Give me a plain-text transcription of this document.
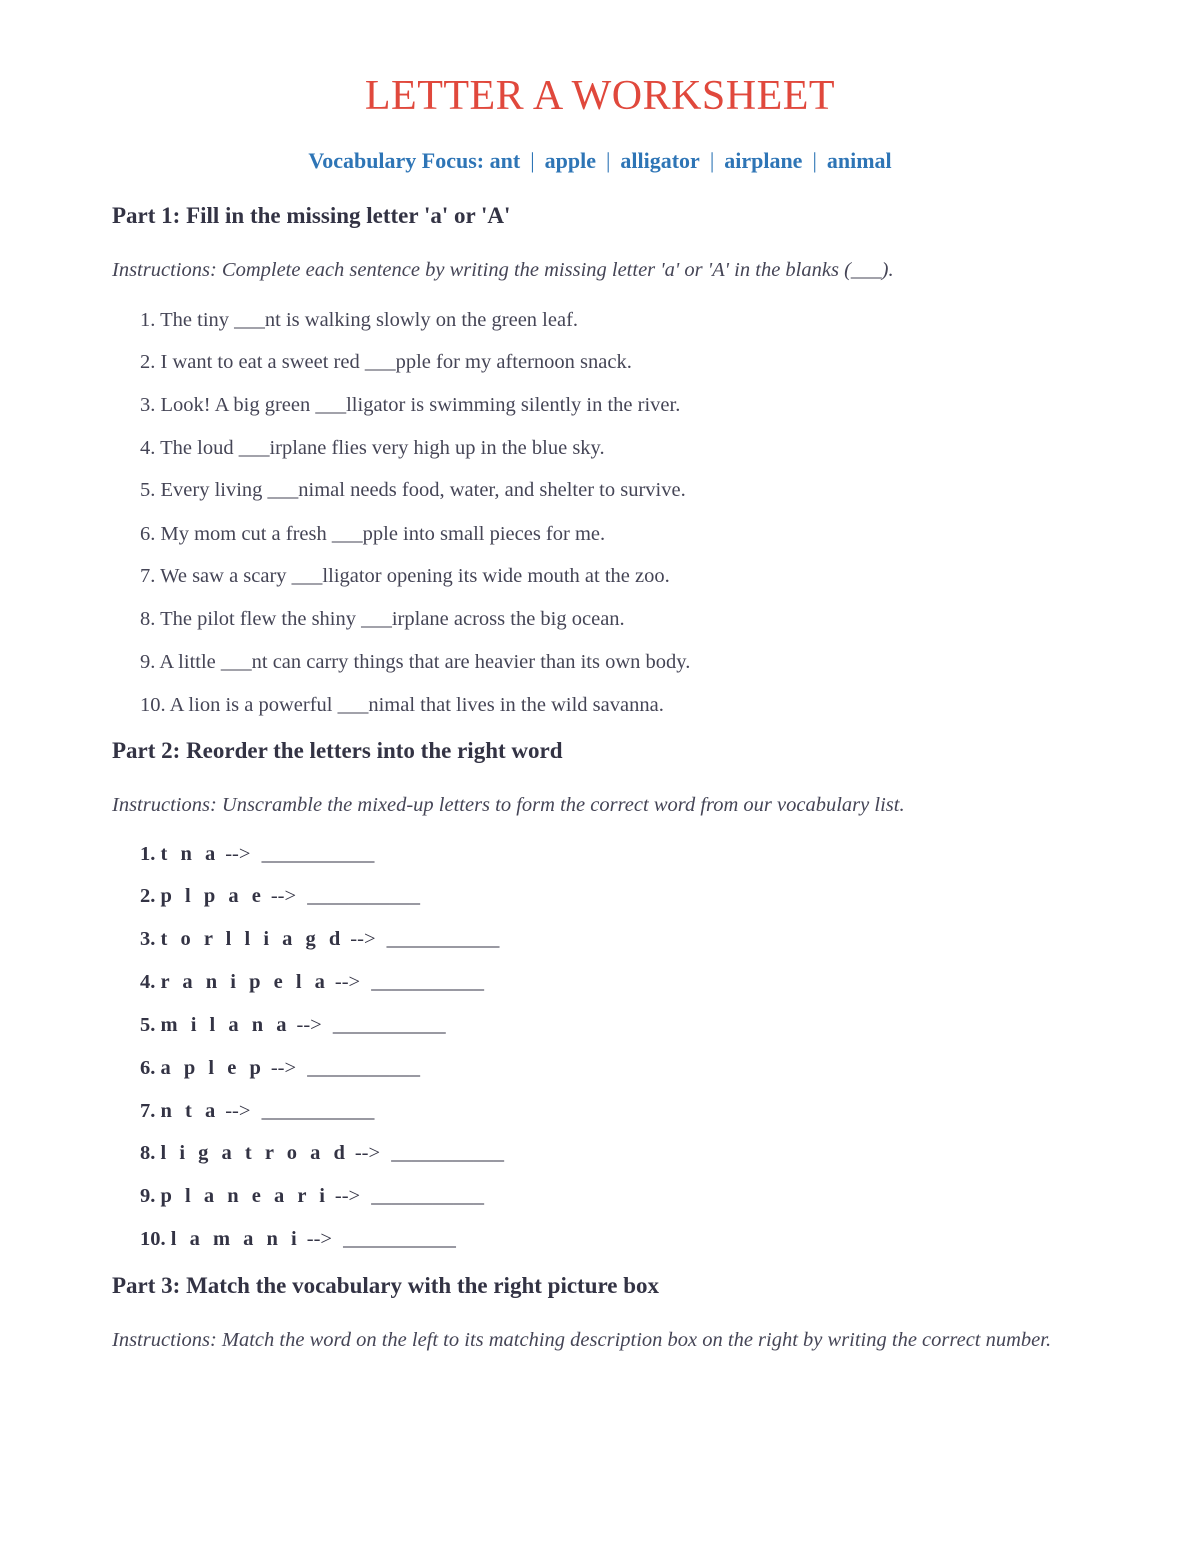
LETTER A WORKSHEET
Vocabulary Focus: ant | apple | alligator | airplane | animal
Part 1: Fill in the missing letter 'a' or 'A'

Instructions: Complete each sentence by writing the missing letter 'a' or 'A' in the blanks (___).

1. The tiny ___nt is walking slowly on the green leaf.
2. I want to eat a sweet red ___pple for my afternoon snack.
3. Look! A big green ___lligator is swimming silently in the river.
4. The loud ___irplane flies very high up in the blue sky.
5. Every living ___nimal needs food, water, and shelter to survive.
6. My mom cut a fresh ___pple into small pieces for me.
7. We saw a scary ___lligator opening its wide mouth at the zoo.
8. The pilot flew the shiny ___irplane across the big ocean.
9. A little ___nt can carry things that are heavier than its own body.
10. A lion is a powerful ___nimal that lives in the wild savanna.
Part 2: Reorder the letters into the right word

Instructions: Unscramble the mixed-up letters to form the correct word from our vocabulary list.

1. t n a --> ___________
2. p l p a e --> ___________
3. t o r l l i a g d --> ___________
4. r a n i p e l a --> ___________
5. m i l a n a --> ___________
6. a p l e p --> ___________
7. n t a --> ___________
8. l i g a t r o a d --> ___________
9. p l a n e a r i --> ___________
10. l a m a n i --> ___________
Part 3: Match the vocabulary with the right picture box

Instructions: Match the word on the left to its matching description box on the right by writing the correct number.
